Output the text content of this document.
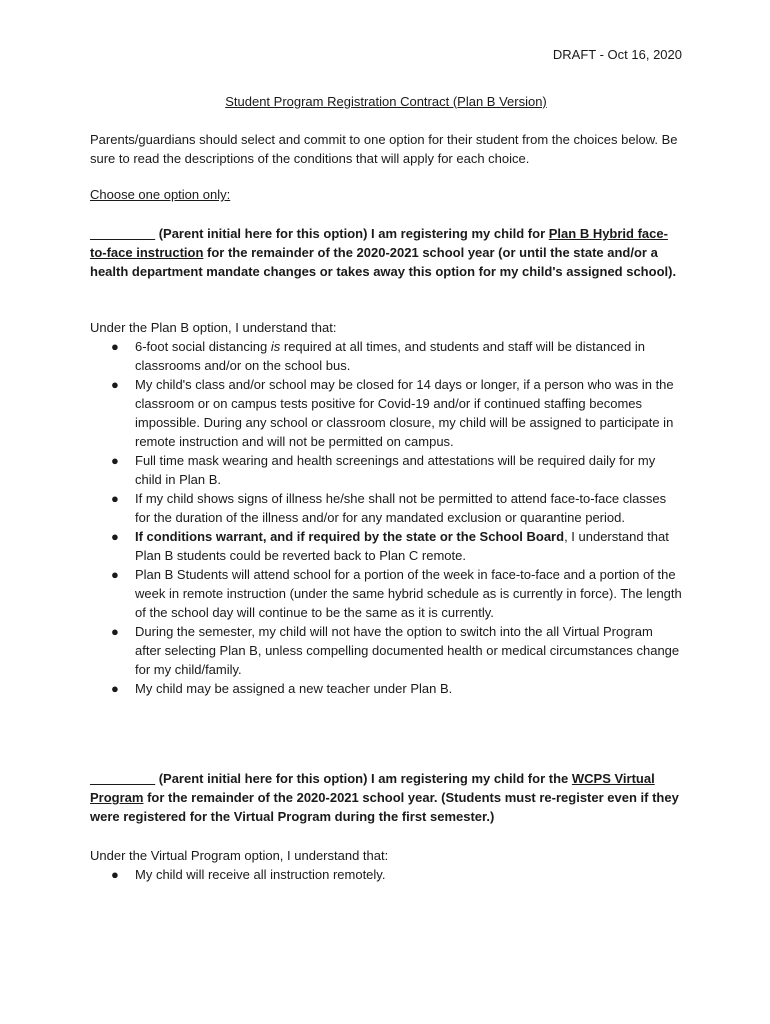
DRAFT - Oct 16, 2020
Student Program Registration Contract (Plan B Version)
Parents/guardians should select and commit to one option for their student from the choices below. Be sure to read the descriptions of the conditions that will apply for each choice.
Choose one option only:
_________ (Parent initial here for this option) I am registering my child for Plan B Hybrid face-to-face instruction for the remainder of the 2020-2021 school year (or until the state and/or a health department mandate changes or takes away this option for my child's assigned school).
Under the Plan B option, I understand that:
● 6-foot social distancing is required at all times, and students and staff will be distanced in classrooms and/or on the school bus.
● My child's class and/or school may be closed for 14 days or longer, if a person who was in the classroom or on campus tests positive for Covid-19 and/or if continued staffing becomes impossible. During any school or classroom closure, my child will be assigned to participate in remote instruction and will not be permitted on campus.
● Full time mask wearing and health screenings and attestations will be required daily for my child in Plan B.
● If my child shows signs of illness he/she shall not be permitted to attend face-to-face classes for the duration of the illness and/or for any mandated exclusion or quarantine period.
● If conditions warrant, and if required by the state or the School Board, I understand that Plan B students could be reverted back to Plan C remote.
● Plan B Students will attend school for a portion of the week in face-to-face and a portion of the week in remote instruction (under the same hybrid schedule as is currently in force). The length of the school day will continue to be the same as it is currently.
● During the semester, my child will not have the option to switch into the all Virtual Program after selecting Plan B, unless compelling documented health or medical circumstances change for my child/family.
● My child may be assigned a new teacher under Plan B.
_________ (Parent initial here for this option) I am registering my child for the WCPS Virtual Program for the remainder of the 2020-2021 school year. (Students must re-register even if they were registered for the Virtual Program during the first semester.)
Under the Virtual Program option, I understand that:
● My child will receive all instruction remotely.
